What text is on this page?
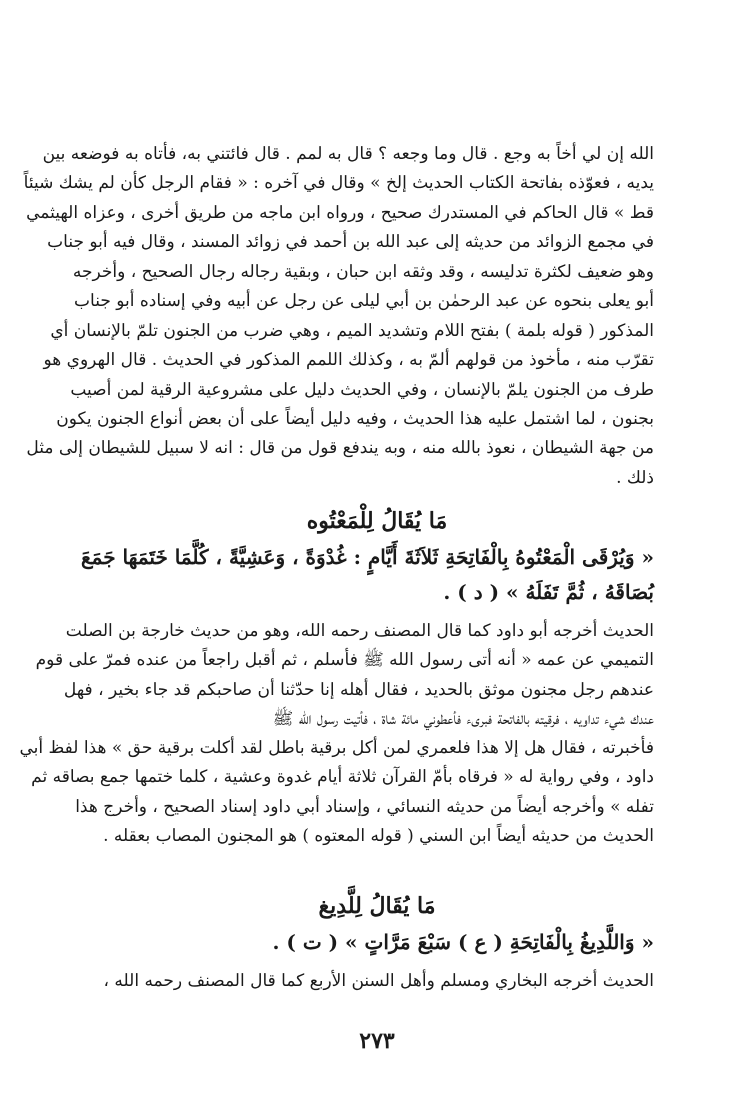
الله إن لي أخاً به وجع . قال وما وجعه ؟ قال به لمم . قال فائتني به، فأتاه به فوضعه بين
يديه ، فعوّذه بفاتحة الكتاب الحديث إلخ » وقال في آخره : « فقام الرجل كأن لم يشك شيئاً
قط » قال الحاكم في المستدرك صحيح ، ورواه ابن ماجه من طريق أخرى ، وعزاه الهيثمي
في مجمع الزوائد من حديثه إلى عبد الله بن أحمد في زوائد المسند ، وقال فيه أبو جناب
وهو ضعيف لكثرة تدليسه ، وقد وثقه ابن حبان ، وبقية رجاله رجال الصحيح ، وأخرجه
أبو يعلى بنحوه عن عبد الرحمٰن بن أبي ليلى عن رجل عن أبيه وفي إسناده أبو جناب
المذكور ( قوله بلمة ) بفتح اللام وتشديد الميم ، وهي ضرب من الجنون تلمّ بالإنسان أي
تقرّب منه ، مأخوذ من قولهم ألمّ به ، وكذلك اللمم المذكور في الحديث . قال الهروي هو
طرف من الجنون يلمّ بالإنسان ، وفي الحديث دليل على مشروعية الرقية لمن أصيب
بجنون ، لما اشتمل عليه هذا الحديث ، وفيه دليل أيضاً على أن بعض أنواع الجنون يكون
من جهة الشيطان ، نعوذ بالله منه ، وبه يندفع قول من قال : انه لا سبيل للشيطان إلى مثل
ذلك .
مَا يُقَالُ لِلْمَعْتُوه
« وَيُرْقَى الْمَعْتُوهُ بِالْفَاتِحَةِ ثَلاَثَةَ أَيَّامٍ : غُدْوَةً ، وَعَشِيَّةً ، كُلَّمَا خَتَمَهَا جَمَعَ
بُصَاقَهُ ، ثُمَّ تَفَلَهُ » ( د ) .
الحديث أخرجه أبو داود كما قال المصنف رحمه الله، وهو من حديث خارجة بن الصلت
التميمي عن عمه « أنه أتى رسول الله ﷺ فأسلم ، ثم أقبل راجعاً من عنده فمرّ على قوم
عندهم رجل مجنون موثق بالحديد ، فقال أهله إنا حدّثنا أن صاحبكم قد جاء بخير ، فهل
عندك شيء تداويه ، فرقيته بالفاتحة فبرىء فأعطوني مائة شاة ، فأتيت رسول الله ﷺ
فأخبرته ، فقال هل إلا هذا فلعمري لمن أكل برقية باطل لقد أكلت برقية حق » هذا لفظ أبي
داود ، وفي رواية له « فرقاه بأمّ القرآن ثلاثة أيام غدوة وعشية ، كلما ختمها جمع بصاقه ثم
تفله » وأخرجه أيضاً من حديثه النسائي ، وإسناد أبي داود إسناد الصحيح ، وأخرج هذا
الحديث من حديثه أيضاً ابن السني ( قوله المعتوه ) هو المجنون المصاب بعقله .
مَا يُقَالُ لِلَّدِيغ
« وَاللَّدِيغُ بِالْفَاتِحَةِ ( ع ) سَبْعَ مَرَّاتٍ » ( ت ) .
الحديث أخرجه البخاري ومسلم وأهل السنن الأربع كما قال المصنف رحمه الله ،
٢٧٣
